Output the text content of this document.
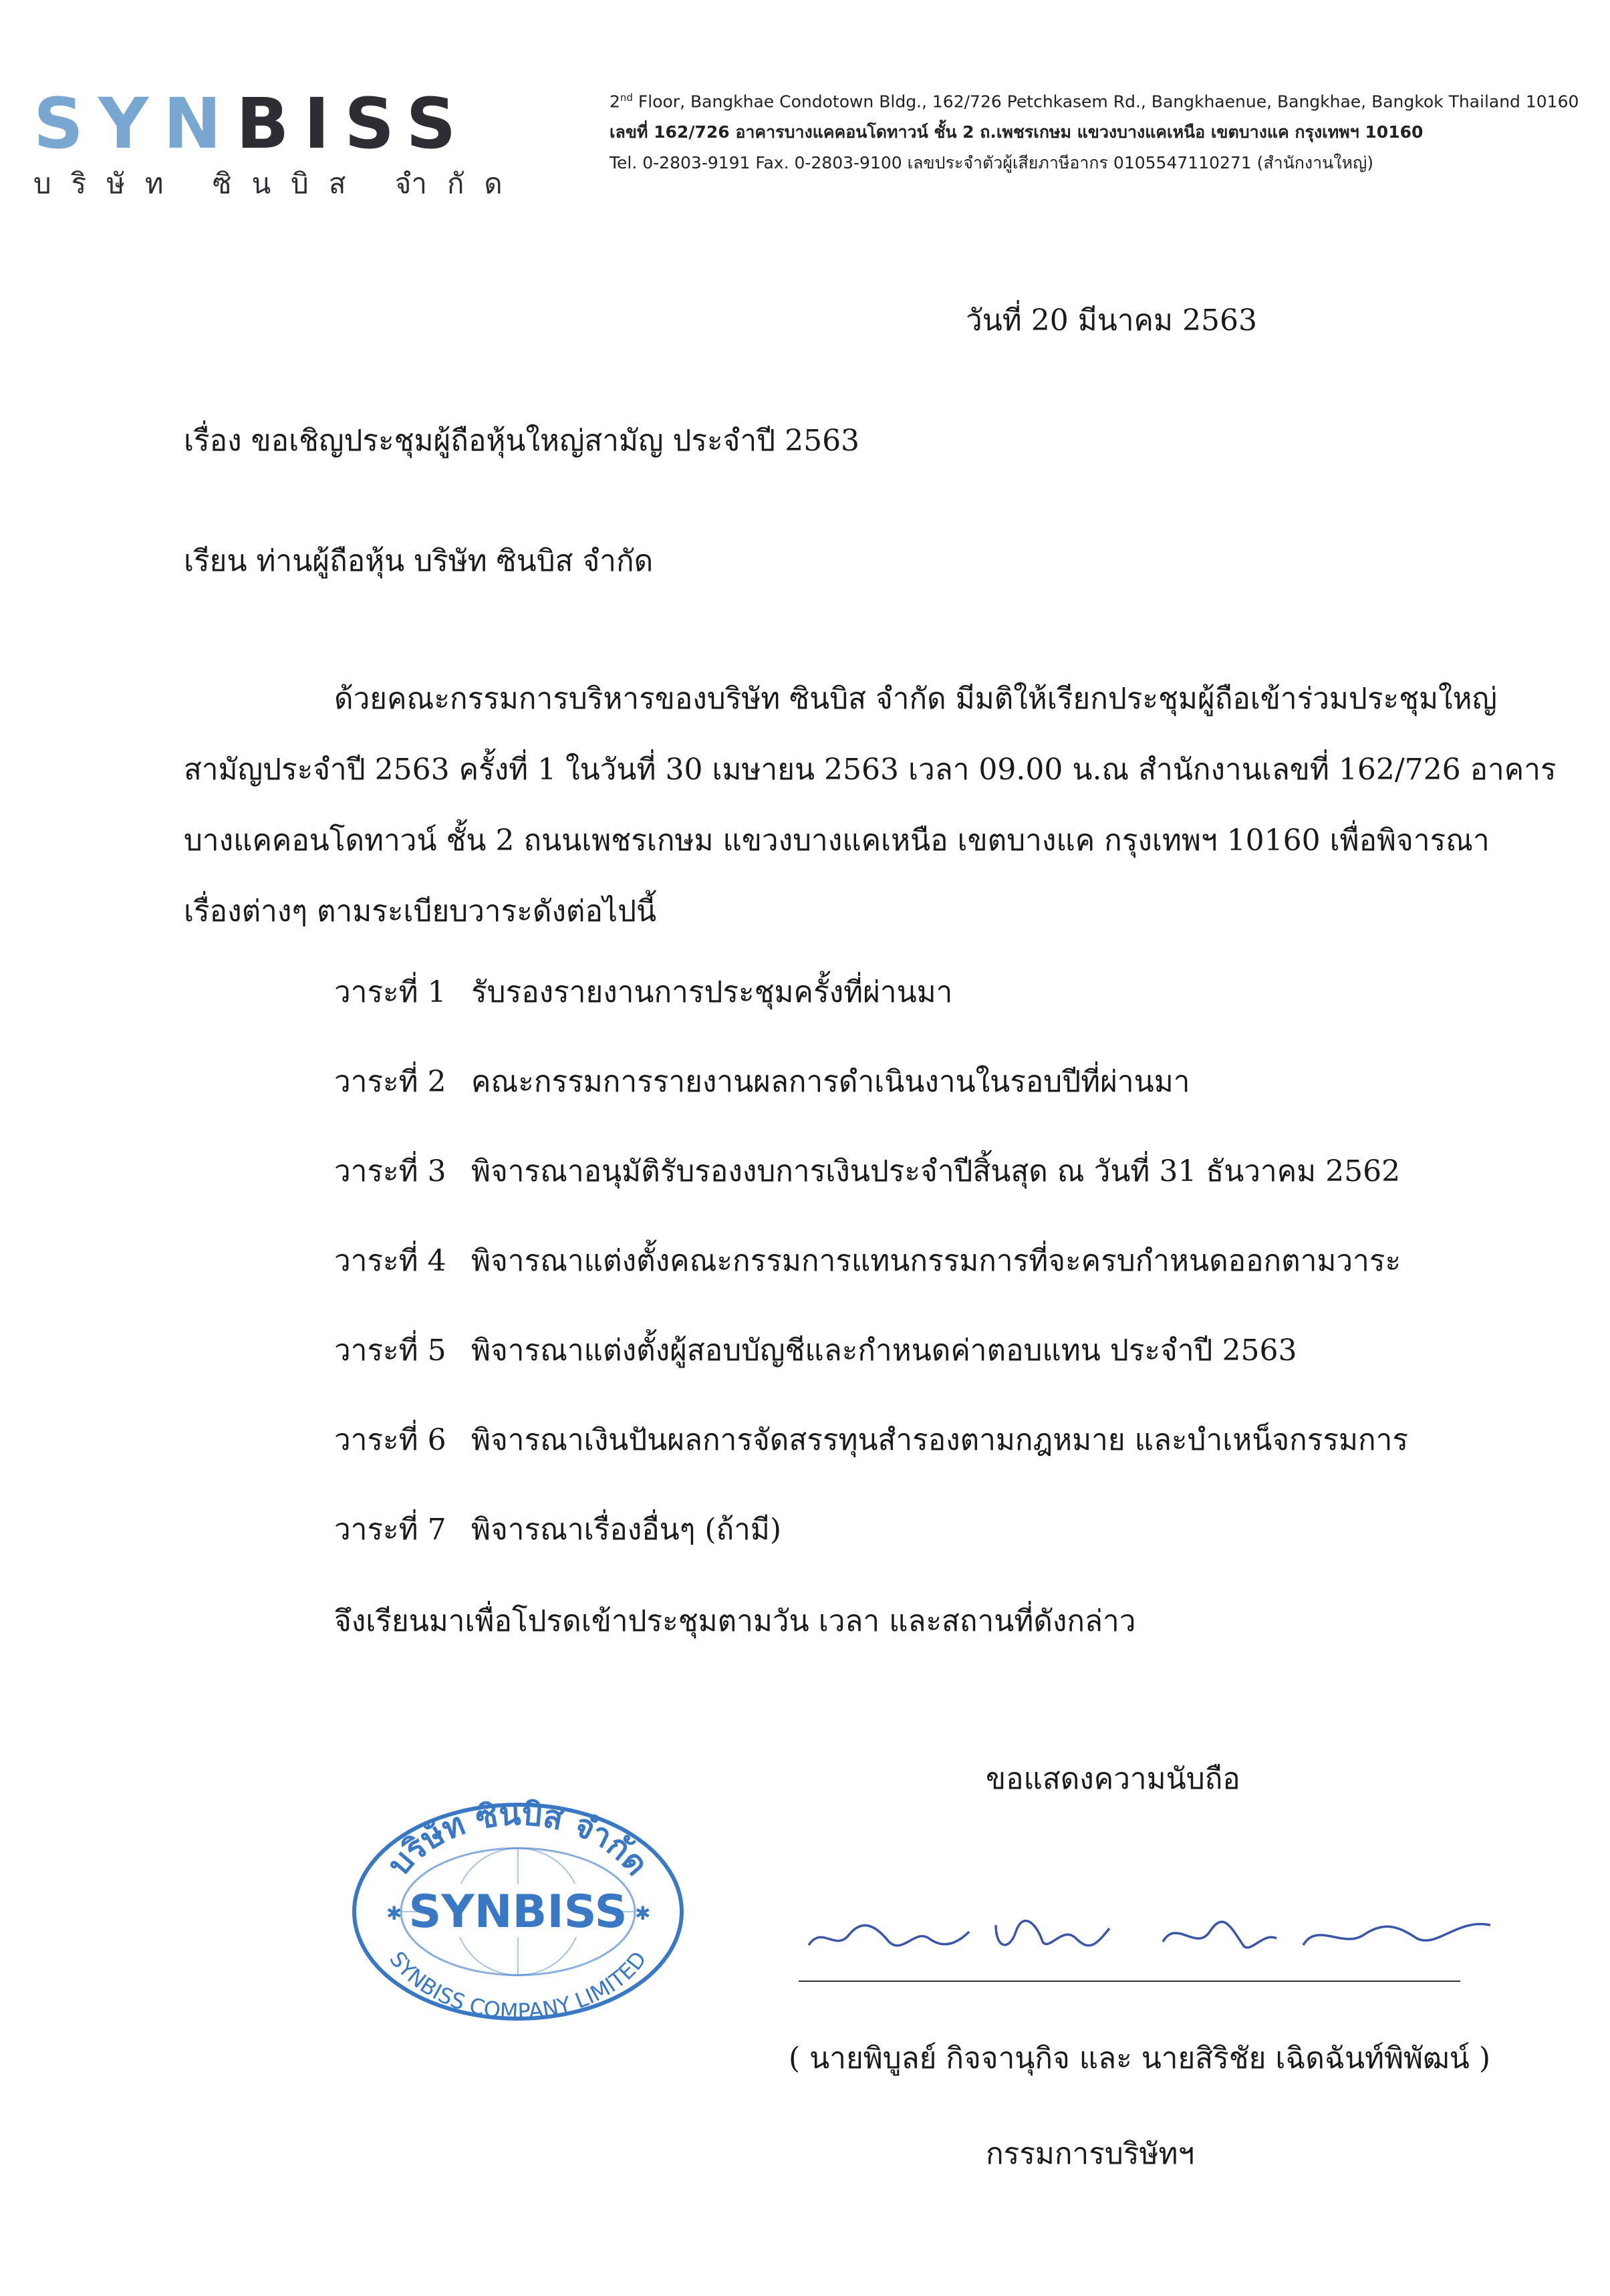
SYNBISS
บริษัท ซินบิส จำกัด
2nd Floor, Bangkhae Condotown Bldg., 162/726 Petchkasem Rd., Bangkhaenue, Bangkhae, Bangkok Thailand 10160
เลขที่ 162/726 อาคารบางแคคอนโดทาวน์ ชั้น 2 ถ.เพชรเกษม แขวงบางแคเหนือ เขตบางแค กรุงเทพฯ 10160
Tel. 0-2803-9191 Fax. 0-2803-9100 เลขประจำตัวผู้เสียภาษีอากร 0105547110271 (สำนักงานใหญ่)
วันที่ 20 มีนาคม 2563
เรื่อง ขอเชิญประชุมผู้ถือหุ้นใหญ่สามัญ ประจำปี 2563
เรียน ท่านผู้ถือหุ้น บริษัท ซินบิส จำกัด
ด้วยคณะกรรมการบริหารของบริษัท ซินบิส จำกัด มีมติให้เรียกประชุมผู้ถือเข้าร่วมประชุมใหญ่
สามัญประจำปี 2563 ครั้งที่ 1 ในวันที่ 30 เมษายน 2563 เวลา 09.00 น.ณ สำนักงานเลขที่ 162/726 อาคาร
บางแคคอนโดทาวน์ ชั้น 2 ถนนเพชรเกษม แขวงบางแคเหนือ เขตบางแค กรุงเทพฯ 10160 เพื่อพิจารณา
เรื่องต่างๆ ตามระเบียบวาระดังต่อไปนี้
วาระที่ 1 รับรองรายงานการประชุมครั้งที่ผ่านมา
วาระที่ 2 คณะกรรมการรายงานผลการดำเนินงานในรอบปีที่ผ่านมา
วาระที่ 3 พิจารณาอนุมัติรับรองงบการเงินประจำปีสิ้นสุด ณ วันที่ 31 ธันวาคม 2562
วาระที่ 4 พิจารณาแต่งตั้งคณะกรรมการแทนกรรมการที่จะครบกำหนดออกตามวาระ
วาระที่ 5 พิจารณาแต่งตั้งผู้สอบบัญชีและกำหนดค่าตอบแทน ประจำปี 2563
วาระที่ 6 พิจารณาเงินปันผลการจัดสรรทุนสำรองตามกฎหมาย และบำเหน็จกรรมการ
วาระที่ 7 พิจารณาเรื่องอื่นๆ (ถ้ามี)
จึงเรียนมาเพื่อโปรดเข้าประชุมตามวัน เวลา และสถานที่ดังกล่าว
ขอแสดงความนับถือ
SYNBISS
บริษัท ซินบิส จำกัด
SYNBISS COMPANY LIMITED
✱	✱
( นายพิบูลย์ กิจจานุกิจ และ นายสิริชัย เฉิดฉันท์พิพัฒน์ )
กรรมการบริษัทฯ
